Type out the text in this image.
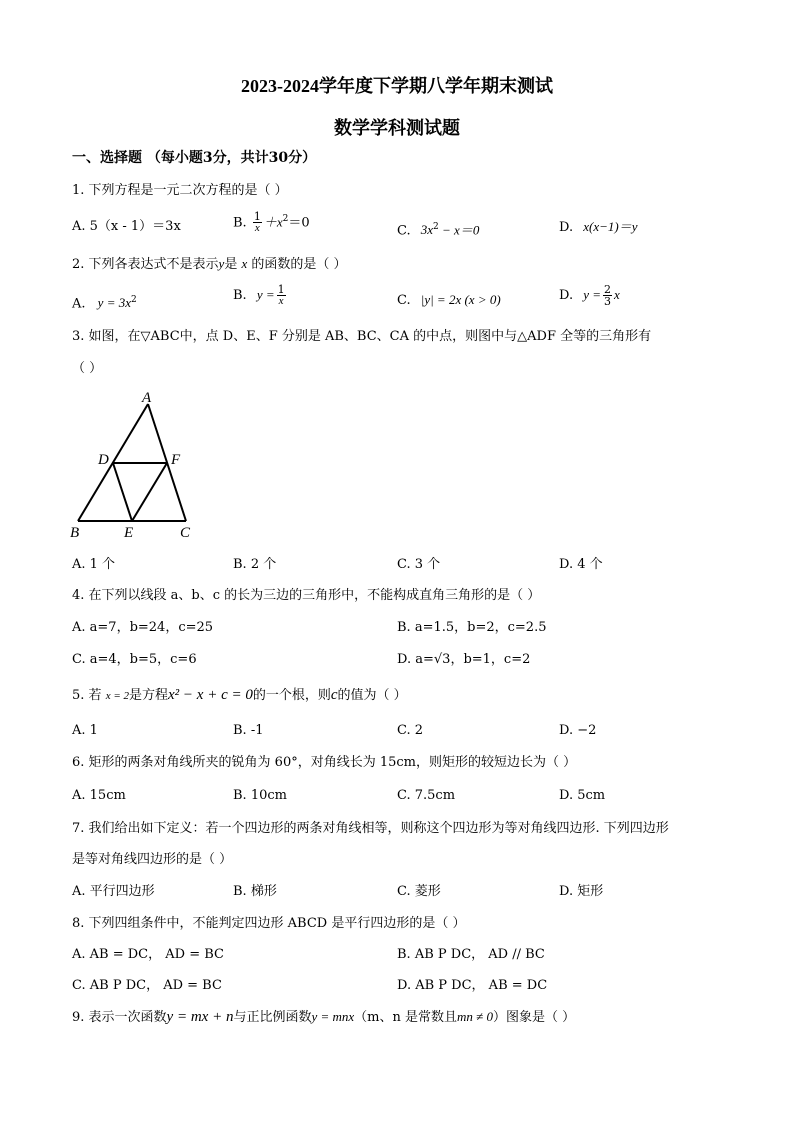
2023-2024学年度下学期八学年期末测试
数学学科测试题
一、选择题 （每小题3分，共计30分）
1. 下列方程是一元二次方程的是（ ）
A. 5（x - 1）＝3x	B. $\frac{1}{x} +x^2=0$
C. $3x^2 - x=0$	D. x(x−1)＝y
2. 下列各表达式不是表示y是 x 的函数的是（ ）
A. $y = 3x^2$	B. $y = \frac{1}{x}$	C. |y| = 2x (x > 0)	D. $y = \frac{2}{3}$ x
3. 如图，在▽ABC中，点 D、E、F 分别是 AB、BC、CA 的中点，则图中与△ADF 全等的三角形有
（ ）
A
D	F
B	E	C
A. 1 个	B. 2 个	C. 3 个	D. 4 个
4. 在下列以线段 a、b、c 的长为三边的三角形中，不能构成直角三角形的是（ ）
A. a=7，b=24，c=25	B. a=1.5，b=2，c=2.5
C. a=4，b=5，c=6	D. a=√3，b=1，c=2
5. 若 x = 2是方程x² − x + c = 0的一个根，则c的值为（ ）
A. 1	B. -1	C. 2	D. −2
6. 矩形的两条对角线所夹的锐角为 60°，对角线长为 15cm，则矩形的较短边长为（ ）
A. 15cm	B. 10cm	C. 7.5cm	D. 5cm
7. 我们给出如下定义：若一个四边形的两条对角线相等，则称这个四边形为等对角线四边形. 下列四边形
是等对角线四边形的是（ ）
A. 平行四边形	B. 梯形	C. 菱形	D. 矩形
8. 下列四组条件中，不能判定四边形 ABCD 是平行四边形的是（ ）
A. AB = DC， AD = BC	B. AB P DC， AD // BC
C. AB P DC， AD = BC	D. AB P DC， AB = DC
9. 表示一次函数y = mx + n与正比例函数y = mnx（m、n 是常数且mn ≠ 0）图象是（ ）
